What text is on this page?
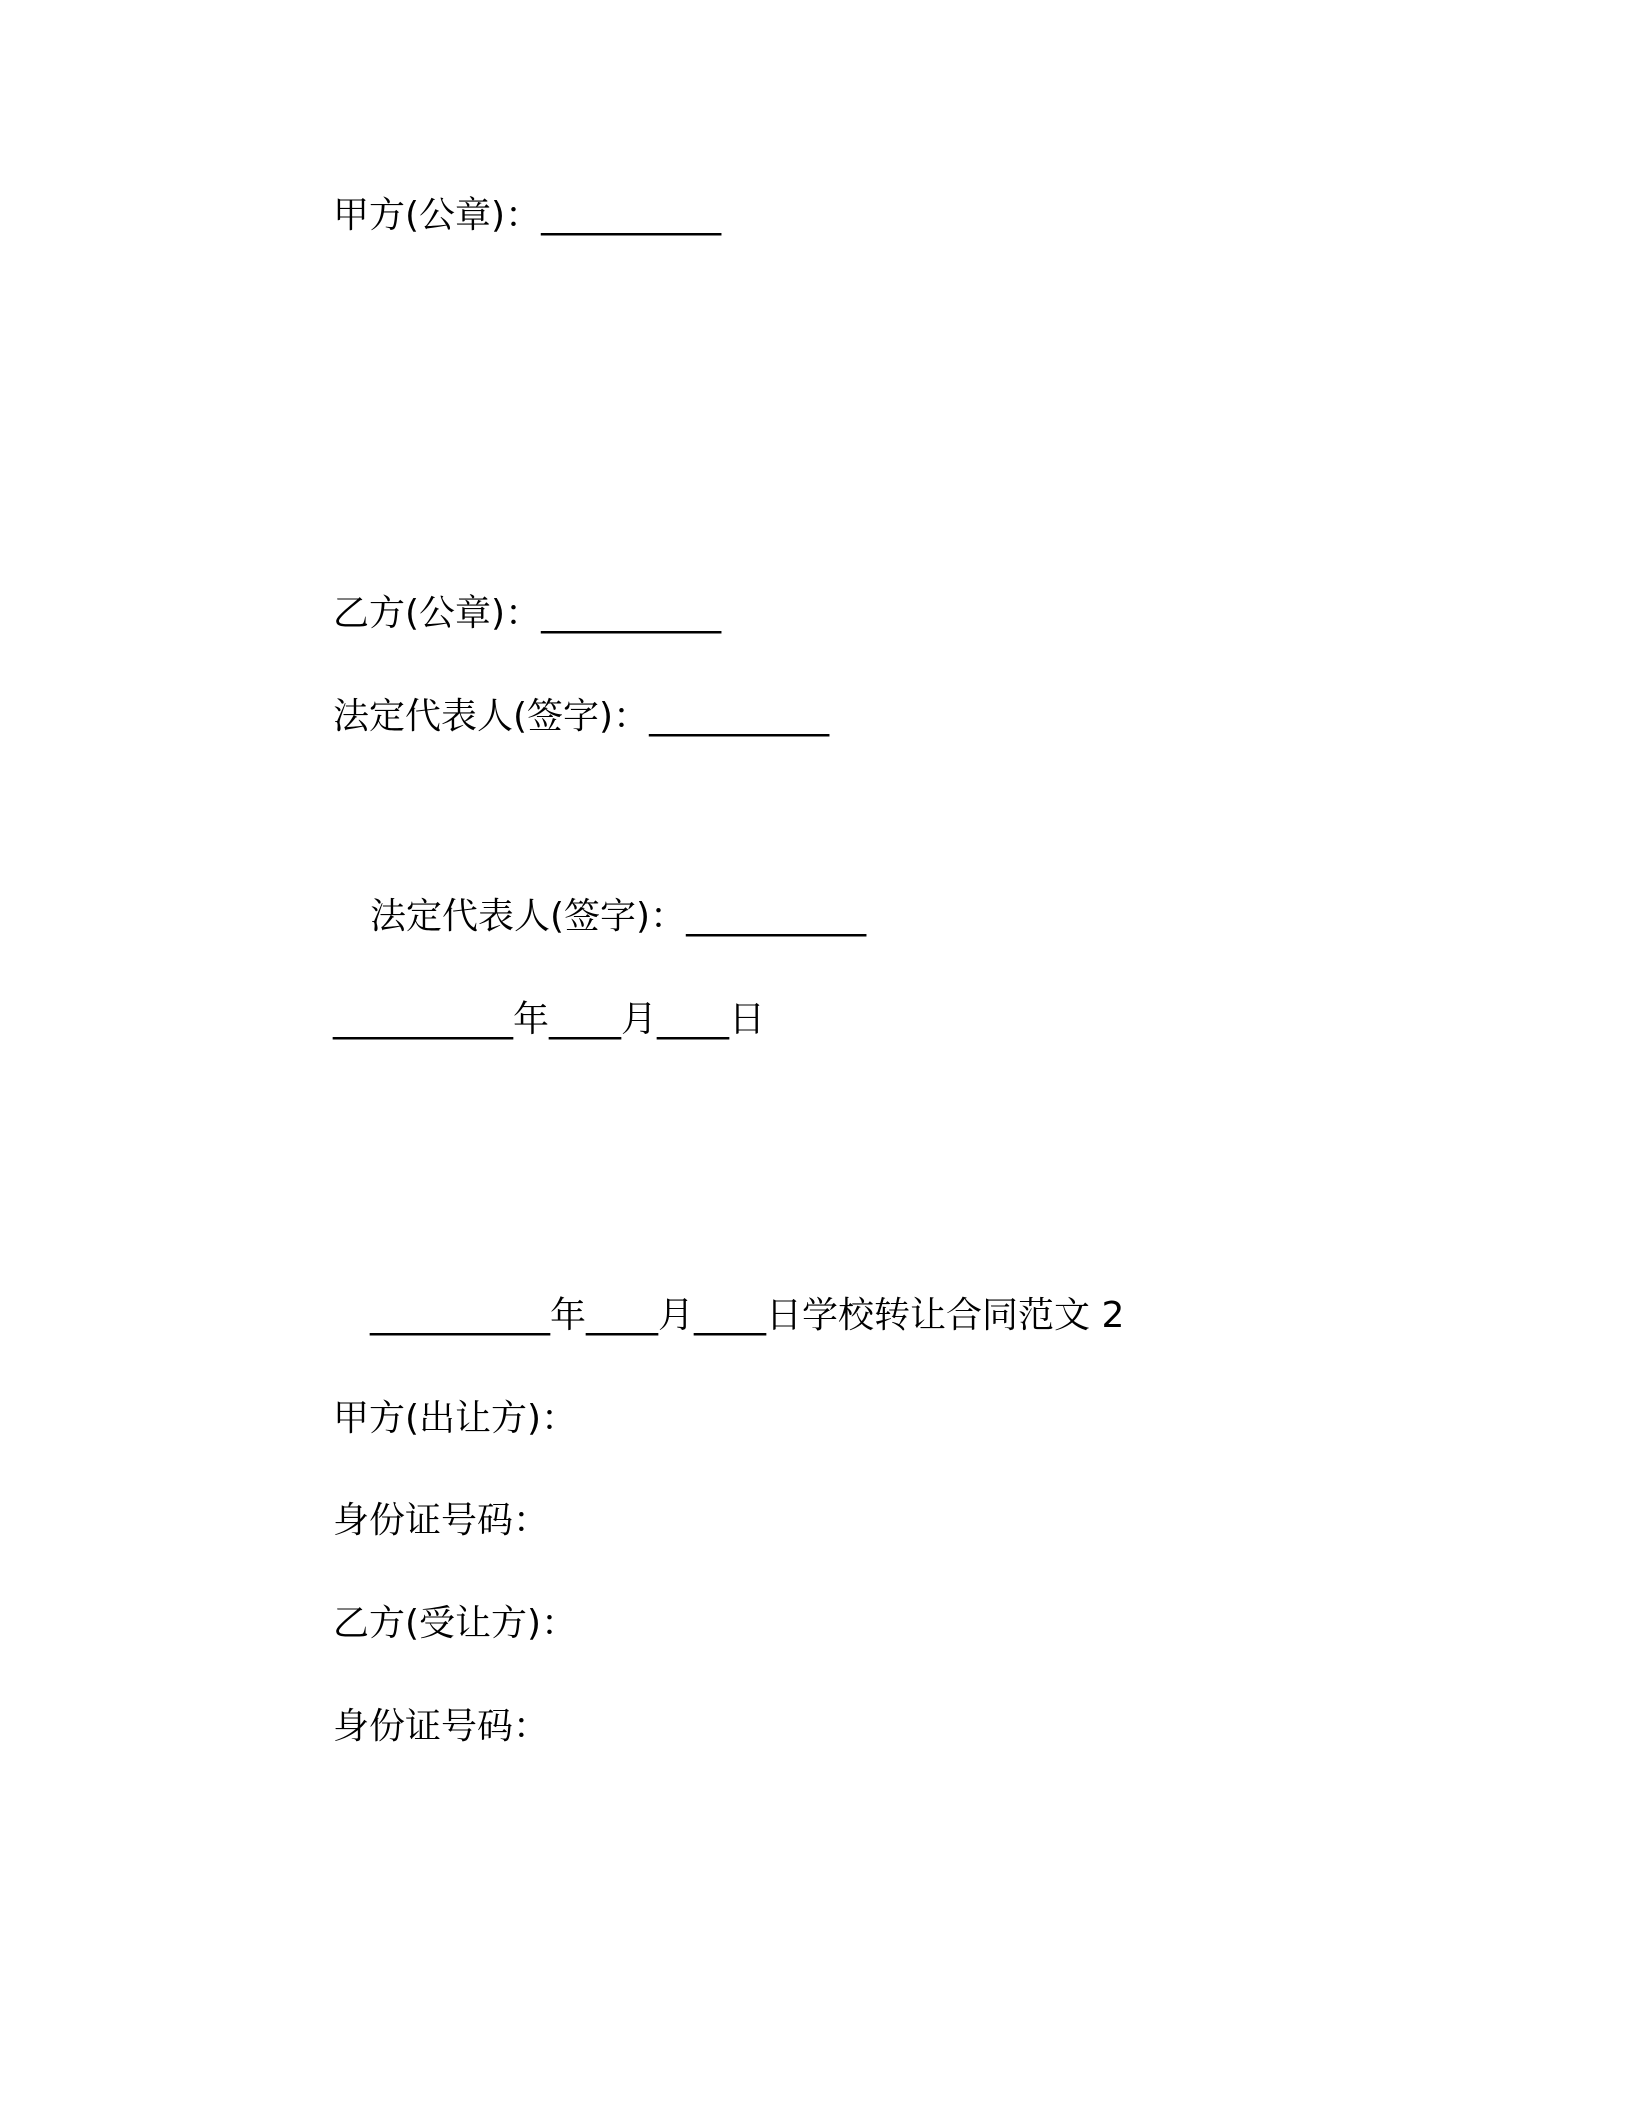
甲方(公章)：__________
乙方(公章)：__________
法定代表人(签字)：__________
法定代表人(签字)：__________
__________年____月____日
__________年____月____日学校转让合同范文 2
甲方(出让方)：
身份证号码：
乙方(受让方)：
身份证号码：
